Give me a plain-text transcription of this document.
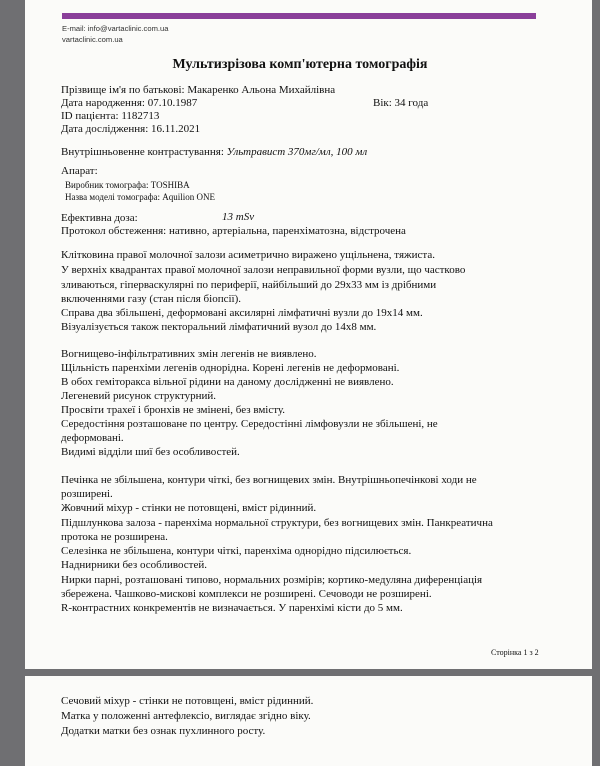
E-mail: info@vartaclinic.com.ua
vartaclinic.com.ua
Мультизрізова комп'ютерна томографія
Прізвище ім'я по батькові: Макаренко Альона Михайлівна
Дата народження: 07.10.1987	Вік: 34 года
ID пацієнта: 1182713
Дата дослідження: 16.11.2021
Внутрішньовенне контрастування: Ультравист 370мг/мл, 100 мл
Апарат:
Виробник томографа: TOSHIBA
Назва моделі томографа: Aquilion ONE
Ефективна доза:	13 mSv
Протокол обстеження: нативно, артеріальна, паренхіматозна, відстрочена
Клітковина правої молочної залози асиметрично виражено ущільнена, тяжиста.
У верхніх квадрантах правої молочної залози неправильної форми вузли, що частково
зливаються, гіперваскулярні по периферії, найбільший до 29х33 мм із дрібними
включеннями газу (стан після біопсії).
Справа два збільшені, деформовані аксилярні лімфатичні вузли до 19х14 мм.
Візуалізується також пекторальний лімфатичний вузол до 14х8 мм.
Вогнищево-інфільтративних змін легенів не виявлено.
Щільність паренхіми легенів однорідна. Корені легенів не деформовані.
В обох геміторакса вільної рідини на даному дослідженні не виявлено.
Легеневий рисунок структурний.
Просвіти трахеї і бронхів не змінені, без вмісту.
Середостіння розташоване по центру. Середостінні лімфовузли не збільшені, не
деформовані.
Видимі відділи шиї без особливостей.
Печінка не збільшена, контури чіткі, без вогнищевих змін. Внутрішньопечінкові ходи не
розширені.
Жовчний міхур - стінки не потовщені, вміст рідинний.
Підшлункова залоза - паренхіма нормальної структури, без вогнищевих змін. Панкреатична
протока не розширена.
Селезінка не збільшена, контури чіткі, паренхіма однорідно підсилюється.
Наднирники без особливостей.
Нирки парні, розташовані типово, нормальних розмірів; кортико-медуляна диференціація
збережена. Чашково-мискові комплекси не розширені. Сечоводи не розширені.
R-контрастних конкрементів не визначається. У паренхімі кісти до 5 мм.
Сторінка 1 з 2
Сечовий міхур - стінки не потовщені, вміст рідинний.
Матка у положенні антефлексіо, виглядає згідно віку.
Додатки матки без ознак пухлинного росту.
